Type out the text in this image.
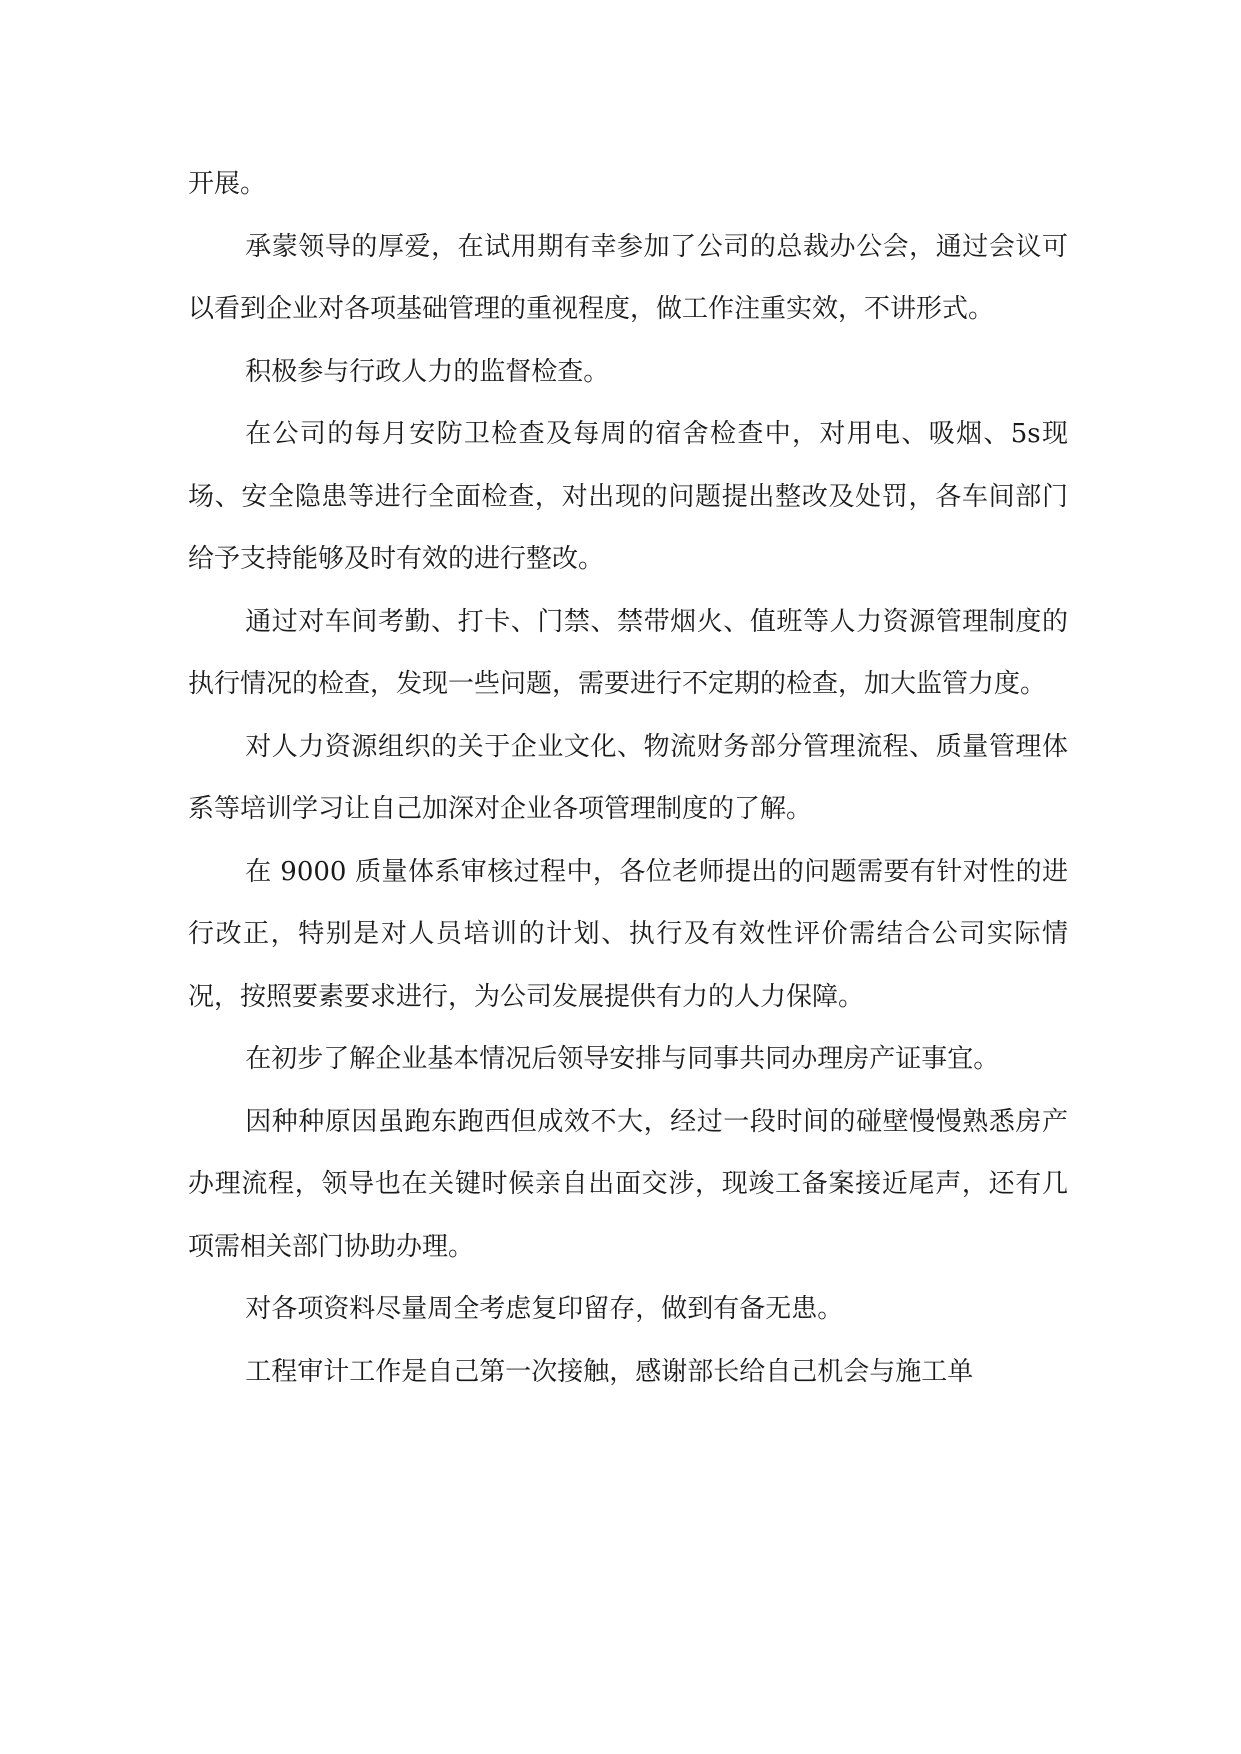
开展。

承蒙领导的厚爱，在试用期有幸参加了公司的总裁办公会，通过会议可以看到企业对各项基础管理的重视程度，做工作注重实效，不讲形式。

积极参与行政人力的监督检查。

在公司的每月安防卫检查及每周的宿舍检查中，对用电、吸烟、5s现场、安全隐患等进行全面检查，对出现的问题提出整改及处罚，各车间部门给予支持能够及时有效的进行整改。

通过对车间考勤、打卡、门禁、禁带烟火、值班等人力资源管理制度的执行情况的检查，发现一些问题，需要进行不定期的检查，加大监管力度。

对人力资源组织的关于企业文化、物流财务部分管理流程、质量管理体系等培训学习让自己加深对企业各项管理制度的了解。

在 9000 质量体系审核过程中，各位老师提出的问题需要有针对性的进行改正，特别是对人员培训的计划、执行及有效性评价需结合公司实际情况，按照要素要求进行，为公司发展提供有力的人力保障。

在初步了解企业基本情况后领导安排与同事共同办理房产证事宜。

因种种原因虽跑东跑西但成效不大，经过一段时间的碰壁慢慢熟悉房产办理流程，领导也在关键时候亲自出面交涉，现竣工备案接近尾声，还有几项需相关部门协助办理。

对各项资料尽量周全考虑复印留存，做到有备无患。

工程审计工作是自己第一次接触，感谢部长给自己机会与施工单
